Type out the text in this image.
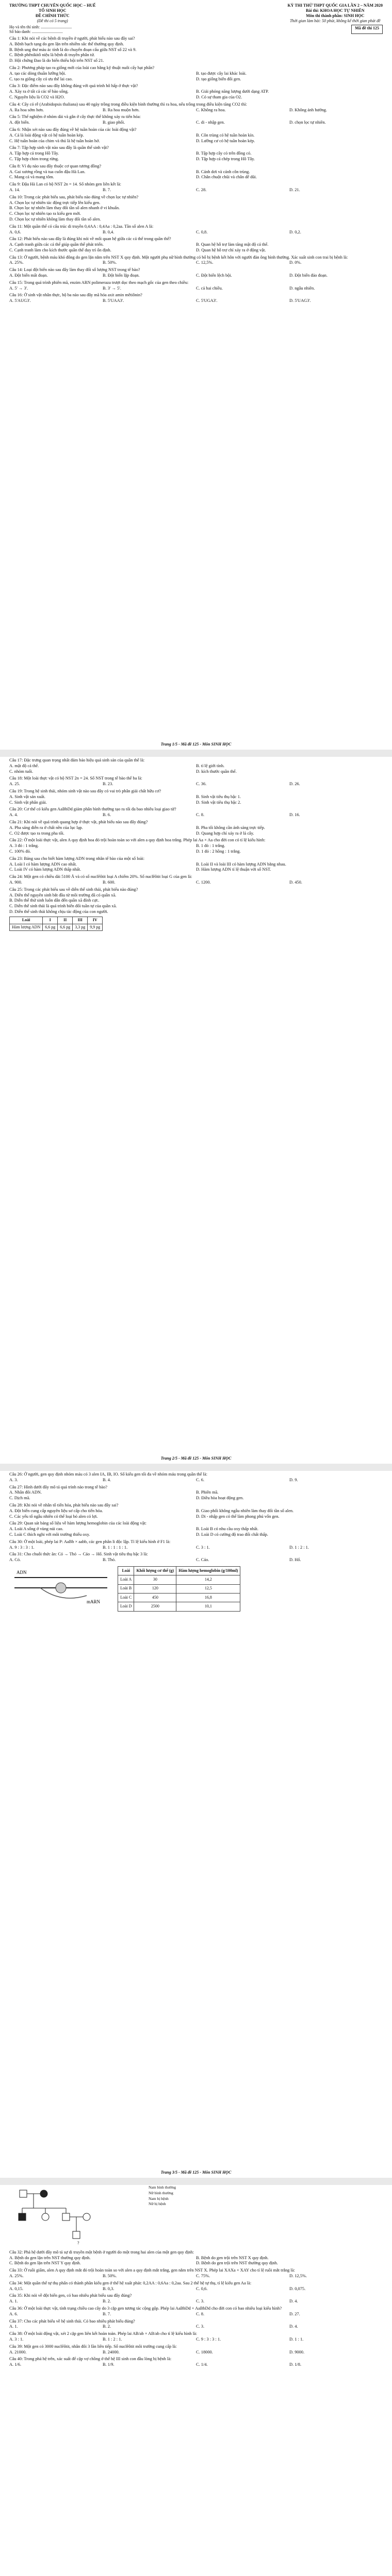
TRƯỜNG THPT CHUYÊN QUỐC HỌC – HUẾ
TỔ SINH HỌC
ĐỀ CHÍNH THỨC
(Đề thi có 5 trang)
KỲ THI THỬ THPT QUỐC GIA LẦN 2 – NĂM 2020
Bài thi: KHOA HỌC TỰ NHIÊN
Môn thi thành phần: SINH HỌC
Thời gian làm bài: 50 phút, không kể thời gian phát đề
Họ và tên thí sinh: ..............................
Số báo danh: ..............................
Mã đề thi 125
Câu 1: Khi nói về các bệnh di truyền ở người, phát biểu nào sau đây sai?
A. Bệnh bạch tạng do gen lặn trên nhiễm sắc thể thường quy định.
B. Bệnh ung thư máu ác tính là do chuyển đoạn cấu giữa NST số 22 và 9.
C. Bệnh phênikitô niệu là bệnh di truyền phân tử.
D. Hội chứng Đao là do biến thiếu bội trên NST số 21.
Câu 2: Phương pháp tạo ra giống mới của loài cao bằng kỹ thuật nuôi cấy hạt phấn?
A. tạo các dòng thuần lưỡng bội.	B. tạo được cây lai khác loài.
C. tạo ra giống cây có ưu thế lai cao.	D. tạo giống biến đổi gen.
Câu 3: Đặc điểm nào sau đây không đúng với quá trình hô hấp ở thực vật?
A. Xảy ra ở tất cả các tế bào sống.	B. Giải phóng năng lượng dưới dạng ATP.
C. Nguyên liệu là CO2 và H2O.	D. Có sự tham gia của O2.
Câu 4: Cây có rễ (Arabidopsis thaliana) sau 40 ngày trồng trong điều kiện bình thường thì ra hoa, nếu trồng trong điều kiện tăng CO2 thì:
A. Ra hoa sớm hơn.	B. Ra hoa muộn hơn.	C. Không ra hoa.	D. Không ảnh hưởng.
Câu 5: Thể nghiệm ở nhóm dài và gắn ở cây thực thể không xảy ra tiến hóa:
A. đột biến.	B. giao phối.	C. di - nhập gen.	D. chọn lọc tự nhiên.
Câu 6: Nhận xét nào sau đây đúng về hệ tuần hoàn của các loài động vật?
A. Cá là loài động vật có hệ tuần hoàn kép.	B. Côn trùng có hệ tuần hoàn kín.
C. Hệ tuần hoàn của chim và thú là hệ tuần hoàn hở.	D. Lưỡng cư có hệ tuần hoàn kép.
Câu 7: Tập hợp sinh vật nào sau đây là quần thể sinh vật?
A. Tập hợp cá trong Hồ Tây.	B. Tập hợp cây cỏ trên đồng cỏ.
C. Tập hợp chim trong rừng.	D. Tập hợp cá chép trong Hồ Tây.
Câu 8: Ví dụ nào sau đây thuộc cơ quan tương đồng?
A. Gai xương rồng và tua cuốn đậu Hà Lan.	B. Cánh dơi và cánh côn trùng.
C. Mang cá và mang tôm.	D. Chân chuột chũi và chân dế dũi.
Câu 9: Đậu Hà Lan có bộ NST 2n = 14. Số nhóm gen liên kết là:
A. 14.	B. 7.	C. 28.	D. 21.
Câu 10: Trong các phát biểu sau, phát biểu nào đúng về chọn lọc tự nhiên?
A. Chọn lọc tự nhiên tác động trực tiếp lên kiểu gen.
B. Chọn lọc tự nhiên làm thay đổi tần số alen nhanh ở vi khuẩn.
C. Chọn lọc tự nhiên tạo ra kiểu gen mới.
D. Chọn lọc tự nhiên không làm thay đổi tần số alen.
Câu 11: Một quần thể có cấu trúc di truyền 0,4AA : 0,4Aa : 0,2aa. Tần số alen A là:
A. 0,6.	B. 0,4.	C. 0,8.	D. 0,2.
Câu 12: Phát biểu nào sau đây là đúng khi nói về mối quan hệ giữa các cá thể trong quần thể?
A. Cạnh tranh giữa các cá thể giúp quần thể phát triển.	B. Quan hệ hỗ trợ làm tăng mật độ cá thể.
C. Cạnh tranh làm cho kích thước quần thể duy trì ổn định.	D. Quan hệ hỗ trợ chỉ xảy ra ở động vật.
Câu 13: Ở người, bệnh máu khó đông do gen lặn nằm trên NST X quy định. Một người phụ nữ bình thường có bố bị bệnh kết hôn với người đàn ông bình thường. Xác suất sinh con trai bị bệnh là:
A. 25%.	B. 50%.	C. 12,5%.	D. 0%.
Câu 14: Loại đột biến nào sau đây làm thay đổi số lượng NST trong tế bào?
A. Đột biến mất đoạn.	B. Đột biến lặp đoạn.	C. Đột biến lệch bội.	D. Đột biến đảo đoạn.
Câu 15: Trong quá trình phiên mã, enzim ARN polimeraza trượt dọc theo mạch gốc của gen theo chiều:
A. 5' → 3'.	B. 3' → 5'.	C. cả hai chiều.	D. ngẫu nhiên.
Câu 16: Ở sinh vật nhân thực, bộ ba nào sau đây mã hóa axit amin mêtiônin?
A. 5'AUG3'.	B. 5'UAA3'.	C. 5'UGA3'.	D. 5'UAG3'.
Trang 1/5 - Mã đề 125 - Môn SINH HỌC
Câu 17: Đặc trưng quan trọng nhất đảm bảo hiệu quả sinh sản của quần thể là:
A. mật độ cá thể.	B. tỉ lệ giới tính.
C. nhóm tuổi.	D. kích thước quần thể.
Câu 18: Một loài thực vật có bộ NST 2n = 24. Số NST trong tế bào thể ba là:
A. 25.	B. 23.	C. 36.	D. 26.
Câu 19: Trong hệ sinh thái, nhóm sinh vật nào sau đây có vai trò phân giải chất hữu cơ?
A. Sinh vật sản xuất.	B. Sinh vật tiêu thụ bậc 1.
C. Sinh vật phân giải.	D. Sinh vật tiêu thụ bậc 2.
Câu 20: Cơ thể có kiểu gen AaBbDd giảm phân bình thường tạo ra tối đa bao nhiêu loại giao tử?
A. 4.	B. 6.	C. 8.	D. 16.
Câu 21: Khi nói về quá trình quang hợp ở thực vật, phát biểu nào sau đây đúng?
A. Pha sáng diễn ra ở chất nền của lục lạp.	B. Pha tối không cần ánh sáng trực tiếp.
C. O2 được tạo ra trong pha tối.	D. Quang hợp chỉ xảy ra ở lá cây.
Câu 22: Ở một loài thực vật, alen A quy định hoa đỏ trội hoàn toàn so với alen a quy định hoa trắng. Phép lai Aa × Aa cho đời con có tỉ lệ kiểu hình:
A. 3 đỏ : 1 trắng.	B. 1 đỏ : 1 trắng.
C. 100% đỏ.	D. 1 đỏ : 2 hồng : 1 trắng.
Câu 23: Bảng sau cho biết hàm lượng ADN trong nhân tế bào của một số loài:
A. Loài I có hàm lượng ADN cao nhất.	B. Loài II và loài III có hàm lượng ADN bằng nhau.
C. Loài IV có hàm lượng ADN thấp nhất.	D. Hàm lượng ADN tỉ lệ thuận với số NST.
Câu 24: Một gen có chiều dài 5100 Å và có số nuclêôtit loại A chiếm 20%. Số nuclêôtit loại G của gen là:
A. 900.	B. 600.	C. 1200.	D. 450.
Câu 25: Trong các phát biểu sau về diễn thế sinh thái, phát biểu nào đúng?
A. Diễn thế nguyên sinh bắt đầu từ môi trường đã có quần xã.
B. Diễn thế thứ sinh luôn dẫn đến quần xã đỉnh cực.
C. Diễn thế sinh thái là quá trình biến đổi tuần tự của quần xã.
D. Diễn thế sinh thái không chịu tác động của con người.
Loài	I	II	III	IV
Hàm lượng ADN	6,6 pg	6,6 pg	3,3 pg	9,9 pg
Trang 2/5 - Mã đề 125 - Môn SINH HỌC
Câu 26: Ở người, gen quy định nhóm máu có 3 alen IA, IB, IO. Số kiểu gen tối đa về nhóm máu trong quần thể là:
A. 3.	B. 4.	C. 6.	D. 9.
Câu 27: Hình dưới đây mô tả quá trình nào trong tế bào?
A. Nhân đôi ADN.	B. Phiên mã.
C. Dịch mã.	D. Điều hòa hoạt động gen.
Câu 28: Khi nói về nhân tố tiến hóa, phát biểu nào sau đây sai?
A. Đột biến cung cấp nguyên liệu sơ cấp cho tiến hóa.	B. Giao phối không ngẫu nhiên làm thay đổi tần số alen.
C. Các yếu tố ngẫu nhiên có thể loại bỏ alen có lợi.	D. Di - nhập gen có thể làm phong phú vốn gen.
Câu 29: Quan sát bảng số liệu về hàm lượng hemoglobin của các loài động vật:
A. Loài A sống ở vùng núi cao.	B. Loài B có nhu cầu oxy thấp nhất.
C. Loài C thích nghi với môi trường thiếu oxy.	D. Loài D có cường độ trao đổi chất thấp.
Câu 30: Ở một loài, phép lai P: AaBb × aabb, các gen phân li độc lập. Tỉ lệ kiểu hình ở F1 là:
A. 9 : 3 : 3 : 1.	B. 1 : 1 : 1 : 1.	C. 3 : 1.	D. 1 : 2 : 1.
Câu 31: Cho chuỗi thức ăn: Cỏ → Thỏ → Cáo → Hổ. Sinh vật tiêu thụ bậc 3 là:
A. Cỏ.	B. Thỏ.	C. Cáo.	D. Hổ.
ADN
mARN
Loài	Khối lượng cơ thể (g)	Hàm lượng hemoglobin (g/100ml)
Loài A	30	14,2
Loài B	120	12,5
Loài C	450	16,8
Loài D	2500	10,1
Trang 3/5 - Mã đề 125 - Môn SINH HỌC
?
Nam bình thường
Nữ bình thường
Nam bị bệnh
Nữ bị bệnh
Câu 32: Phả hệ dưới đây mô tả sự di truyền một bệnh ở người do một trong hai alen của một gen quy định:
A. Bệnh do gen lặn trên NST thường quy định.	B. Bệnh do gen trội trên NST X quy định.
C. Bệnh do gen lặn trên NST Y quy định.	D. Bệnh do gen trội trên NST thường quy định.
Câu 33: Ở ruồi giấm, alen A quy định mắt đỏ trội hoàn toàn so với alen a quy định mắt trắng, gen nằm trên NST X. Phép lai XAXa × XAY cho tỉ lệ ruồi mắt trắng là:
A. 25%.	B. 50%.	C. 75%.	D. 12,5%.
Câu 34: Một quần thể tự thụ phấn có thành phần kiểu gen ở thế hệ xuất phát: 0,2AA : 0,6Aa : 0,2aa. Sau 2 thế hệ tự thụ, tỉ lệ kiểu gen Aa là:
A. 0,15.	B. 0,3.	C. 0,6.	D. 0,075.
Câu 35: Khi nói về đột biến gen, có bao nhiêu phát biểu sau đây đúng?
A. 1.	B. 2.	C. 3.	D. 4.
Câu 36: Ở một loài thực vật, tính trạng chiều cao cây do 3 cặp gen tương tác cộng gộp. Phép lai AaBbDd × AaBbDd cho đời con có bao nhiêu loại kiểu hình?
A. 6.	B. 7.	C. 8.	D. 27.
Câu 37: Cho các phát biểu về hệ sinh thái. Có bao nhiêu phát biểu đúng?
A. 1.	B. 2.	C. 3.	D. 4.
Câu 38: Ở một loài động vật, xét 2 cặp gen liên kết hoàn toàn. Phép lai AB/ab × AB/ab cho tỉ lệ kiểu hình là:
A. 3 : 1.	B. 1 : 2 : 1.	C. 9 : 3 : 3 : 1.	D. 1 : 1.
Câu 39: Một gen có 3000 nuclêôtit, nhân đôi 3 lần liên tiếp. Số nuclêôtit môi trường cung cấp là:
A. 21000.	B. 24000.	C. 18000.	D. 9000.
Câu 40: Trong phả hệ trên, xác suất để cặp vợ chồng ở thế hệ III sinh con đầu lòng bị bệnh là:
A. 1/6.	B. 1/9.	C. 1/4.	D. 1/8.
